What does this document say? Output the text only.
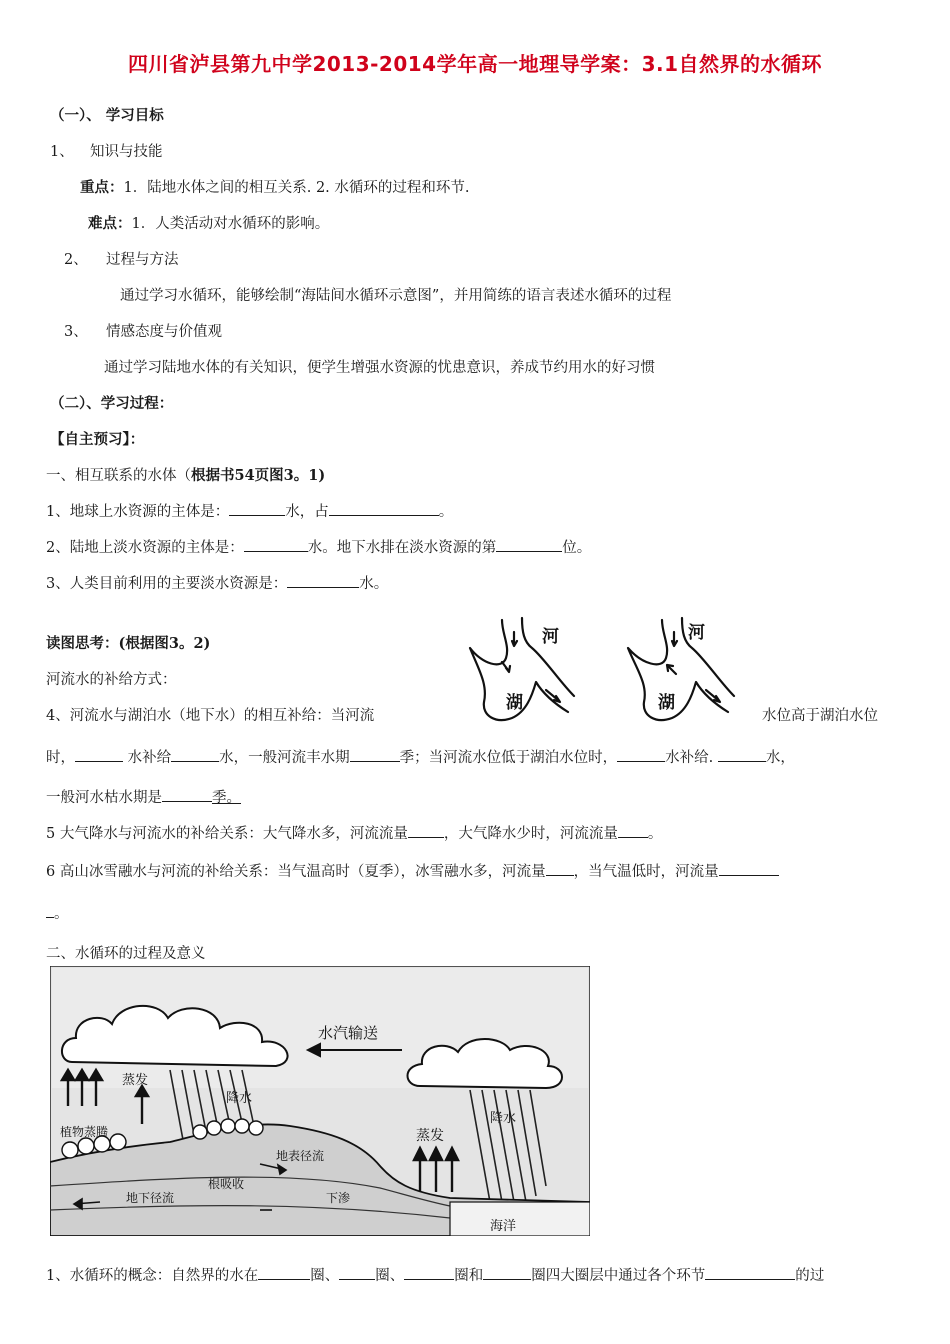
四川省泸县第九中学2013-2014学年高一地理导学案：3.1自然界的水循环
（一）、 学习目标
1、 知识与技能
重点：1．陆地水体之间的相互关系. 2. 水循环的过程和环节.
难点：1．人类活动对水循环的影响。
2、 过程与方法
通过学习水循环，能够绘制“海陆间水循环示意图”，并用简练的语言表述水循环的过程
3、 情感态度与价值观
通过学习陆地水体的有关知识，便学生增强水资源的忧患意识，养成节约用水的好习惯
（二）、学习过程：
【自主预习】：
一、相互联系的水体（根据书54页图3。1)
1、地球上水资源的主体是：	水，占	。
2、陆地上淡水资源的主体是：	水。地下水排在淡水资源的第	位。
3、人类目前利用的主要淡水资源是：	水。
读图思考：(根据图3。2)
河流水的补给方式：
4、河流水与湖泊水（地下水）的相互补给：当河流	水位高于湖泊水位
时，	水补给	水，一般河流丰水期	季；当河流水位低于湖泊水位时，	水补给.	水，
一般河水枯水期是	季。
5 大气降水与河流水的补给关系：大气降水多，河流流量 ，大气降水少时，河流流量 。
6 高山冰雪融水与河流的补给关系：当气温高时（夏季），冰雪融水多，河流量 ，当气温低时，河流量
。
二、水循环的过程及意义
1、水循环的概念：自然界的水在	圈、 圈、	圈和	圈四大圈层中通过各个环节	的过
河
湖
河
湖
水汽输送
蒸发
植物蒸腾
降水
降水
蒸发
地表径流
根吸收
地下径流	下渗
海洋
